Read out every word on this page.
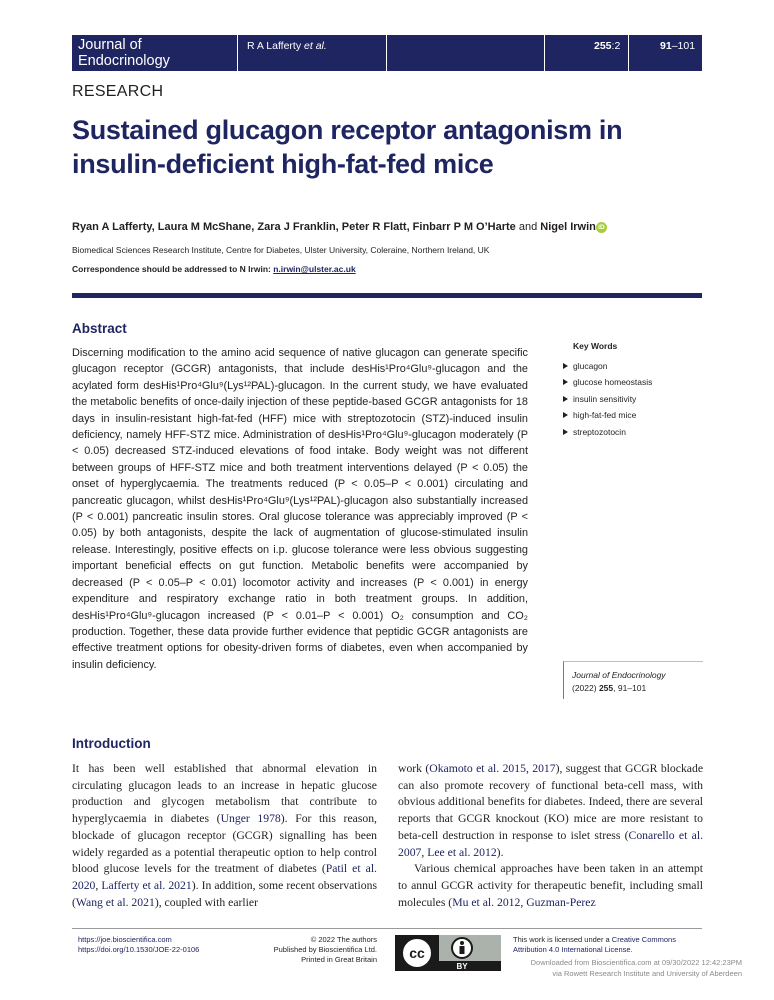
Journal of
Endocrinology
R A Lafferty et al.	255:2	91–101
RESEARCH
Sustained glucagon receptor antagonism in insulin-deficient high-fat-fed mice
Ryan A Lafferty, Laura M McShane, Zara J Franklin, Peter R Flatt, Finbarr P M O’Harte and Nigel Irwin iD
Biomedical Sciences Research Institute, Centre for Diabetes, Ulster University, Coleraine, Northern Ireland, UK
Correspondence should be addressed to N Irwin: n.irwin@ulster.ac.uk
Abstract
Discerning modification to the amino acid sequence of native glucagon can generate specific glucagon receptor (GCGR) antagonists, that include desHis¹Pro⁴Glu⁹-glucagon and the acylated form desHis¹Pro⁴Glu⁹(Lys¹²PAL)-glucagon. In the current study, we have evaluated the metabolic benefits of once-daily injection of these peptide-based GCGR antagonists for 18 days in insulin-resistant high-fat-fed (HFF) mice with streptozotocin (STZ)-induced insulin deficiency, namely HFF-STZ mice. Administration of desHis¹Pro⁴Glu⁹-glucagon moderately (P < 0.05) decreased STZ-induced elevations of food intake. Body weight was not different between groups of HFF-STZ mice and both treatment interventions delayed (P < 0.05) the onset of hyperglycaemia. The treatments reduced (P < 0.05–P < 0.001) circulating and pancreatic glucagon, whilst desHis¹Pro⁴Glu⁹(Lys¹²PAL)-glucagon also substantially increased (P < 0.001) pancreatic insulin stores. Oral glucose tolerance was appreciably improved (P < 0.05) by both antagonists, despite the lack of augmentation of glucose-stimulated insulin release. Interestingly, positive effects on i.p. glucose tolerance were less obvious suggesting important beneficial effects on gut function. Metabolic benefits were accompanied by decreased (P < 0.05–P < 0.01) locomotor activity and increases (P < 0.001) in energy expenditure and respiratory exchange ratio in both treatment groups. In addition, desHis¹Pro⁴Glu⁹-glucagon increased (P < 0.01–P < 0.001) O₂ consumption and CO₂ production. Together, these data provide further evidence that peptidic GCGR antagonists are effective treatment options for obesity-driven forms of diabetes, even when accompanied by insulin deficiency.
Key Words
glucagon
glucose homeostasis
insulin sensitivity
high-fat-fed mice
streptozotocin
Journal of Endocrinology
(2022) 255, 91–101
Introduction

It has been well established that abnormal elevation in circulating glucagon leads to an increase in hepatic glucose production and glycogen metabolism that contribute to hyperglycaemia in diabetes (Unger 1978). For this reason, blockade of glucagon receptor (GCGR) signalling has been widely regarded as a potential therapeutic option to help control blood glucose levels for the treatment of diabetes (Patil et al. 2020, Lafferty et al. 2021). In addition, some recent observations (Wang et al. 2021), coupled with earlier

work (Okamoto et al. 2015, 2017), suggest that GCGR blockade can also promote recovery of functional beta-cell mass, with obvious additional benefits for diabetes. Indeed, there are several reports that GCGR knockout (KO) mice are more resistant to beta-cell destruction in response to islet stress (Conarello et al. 2007, Lee et al. 2012).

Various chemical approaches have been taken in an attempt to annul GCGR activity for therapeutic benefit, including small molecules (Mu et al. 2012, Guzman-Perez

https://joe.bioscientifica.com
https://doi.org/10.1530/JOE-22-0106
© 2022 The authors
Published by Bioscientifica Ltd.
Printed in Great Britain cc
BY
This work is licensed under a Creative Commons Attribution 4.0 International License.
Downloaded from Bioscientifica.com at 09/30/2022 12:42:23PM
via Rowett Research Institute and University of Aberdeen
